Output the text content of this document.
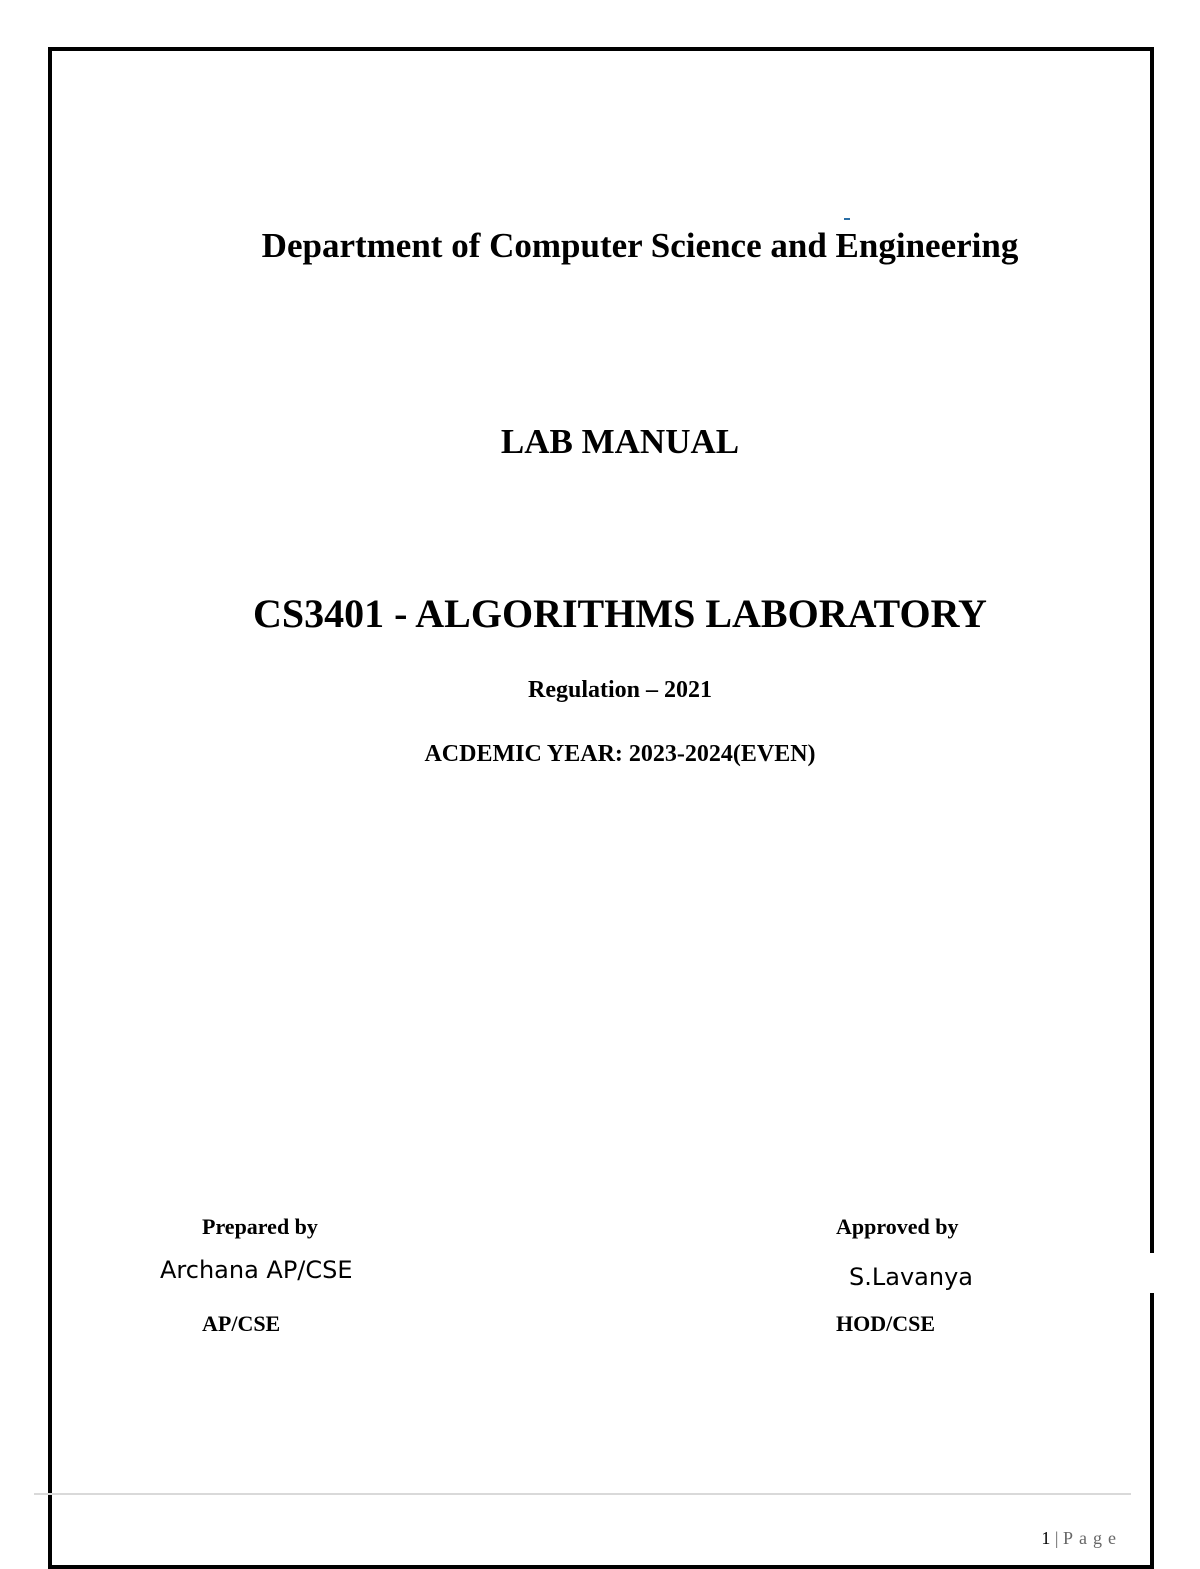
Department of Computer Science and Engineering
LAB MANUAL
CS3401 - ALGORITHMS LABORATORY
Regulation – 2021
ACDEMIC YEAR: 2023-2024(EVEN)
Prepared by
Archana AP/CSE
AP/CSE
Approved by
S.Lavanya
HOD/CSE
1 | Page
